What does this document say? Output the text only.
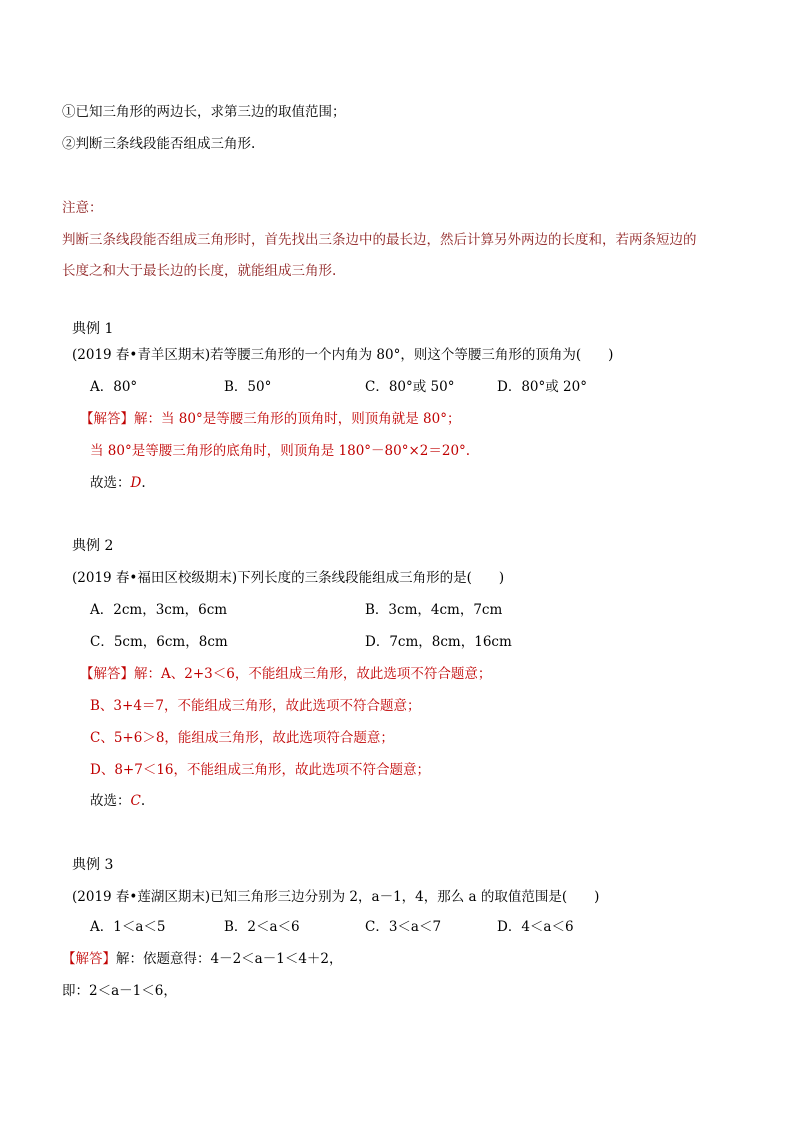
①已知三角形的两边长，求第三边的取值范围；
②判断三条线段能否组成三角形.
注意：
判断三条线段能否组成三角形时，首先找出三条边中的最长边，然后计算另外两边的长度和，若两条短边的
长度之和大于最长边的长度，就能组成三角形.
典例 1
(2019 春•青羊区期末)若等腰三角形的一个内角为 80°，则这个等腰三角形的顶角为(　　)
A．80°	B．50°	C．80°或 50°	D．80°或 20°
【解答】解：当 80°是等腰三角形的顶角时，则顶角就是 80°；
当 80°是等腰三角形的底角时，则顶角是 180°－80°×2＝20°.
故选：D.
典例 2
(2019 春•福田区校级期末)下列长度的三条线段能组成三角形的是(　　)
A．2cm，3cm，6cm	B．3cm，4cm，7cm
C．5cm，6cm，8cm	D．7cm，8cm，16cm
【解答】解：A、2+3＜6，不能组成三角形，故此选项不符合题意；
B、3+4＝7，不能组成三角形，故此选项不符合题意；
C、5+6＞8，能组成三角形，故此选项符合题意；
D、8+7＜16，不能组成三角形，故此选项不符合题意；
故选：C.
典例 3
(2019 春•莲湖区期末)已知三角形三边分别为 2，a－1，4，那么 a 的取值范围是(　　)
A．1＜a＜5	B．2＜a＜6	C．3＜a＜7	D．4＜a＜6
【解答】解：依题意得：4－2＜a－1＜4＋2，
即：2＜a－1＜6，
